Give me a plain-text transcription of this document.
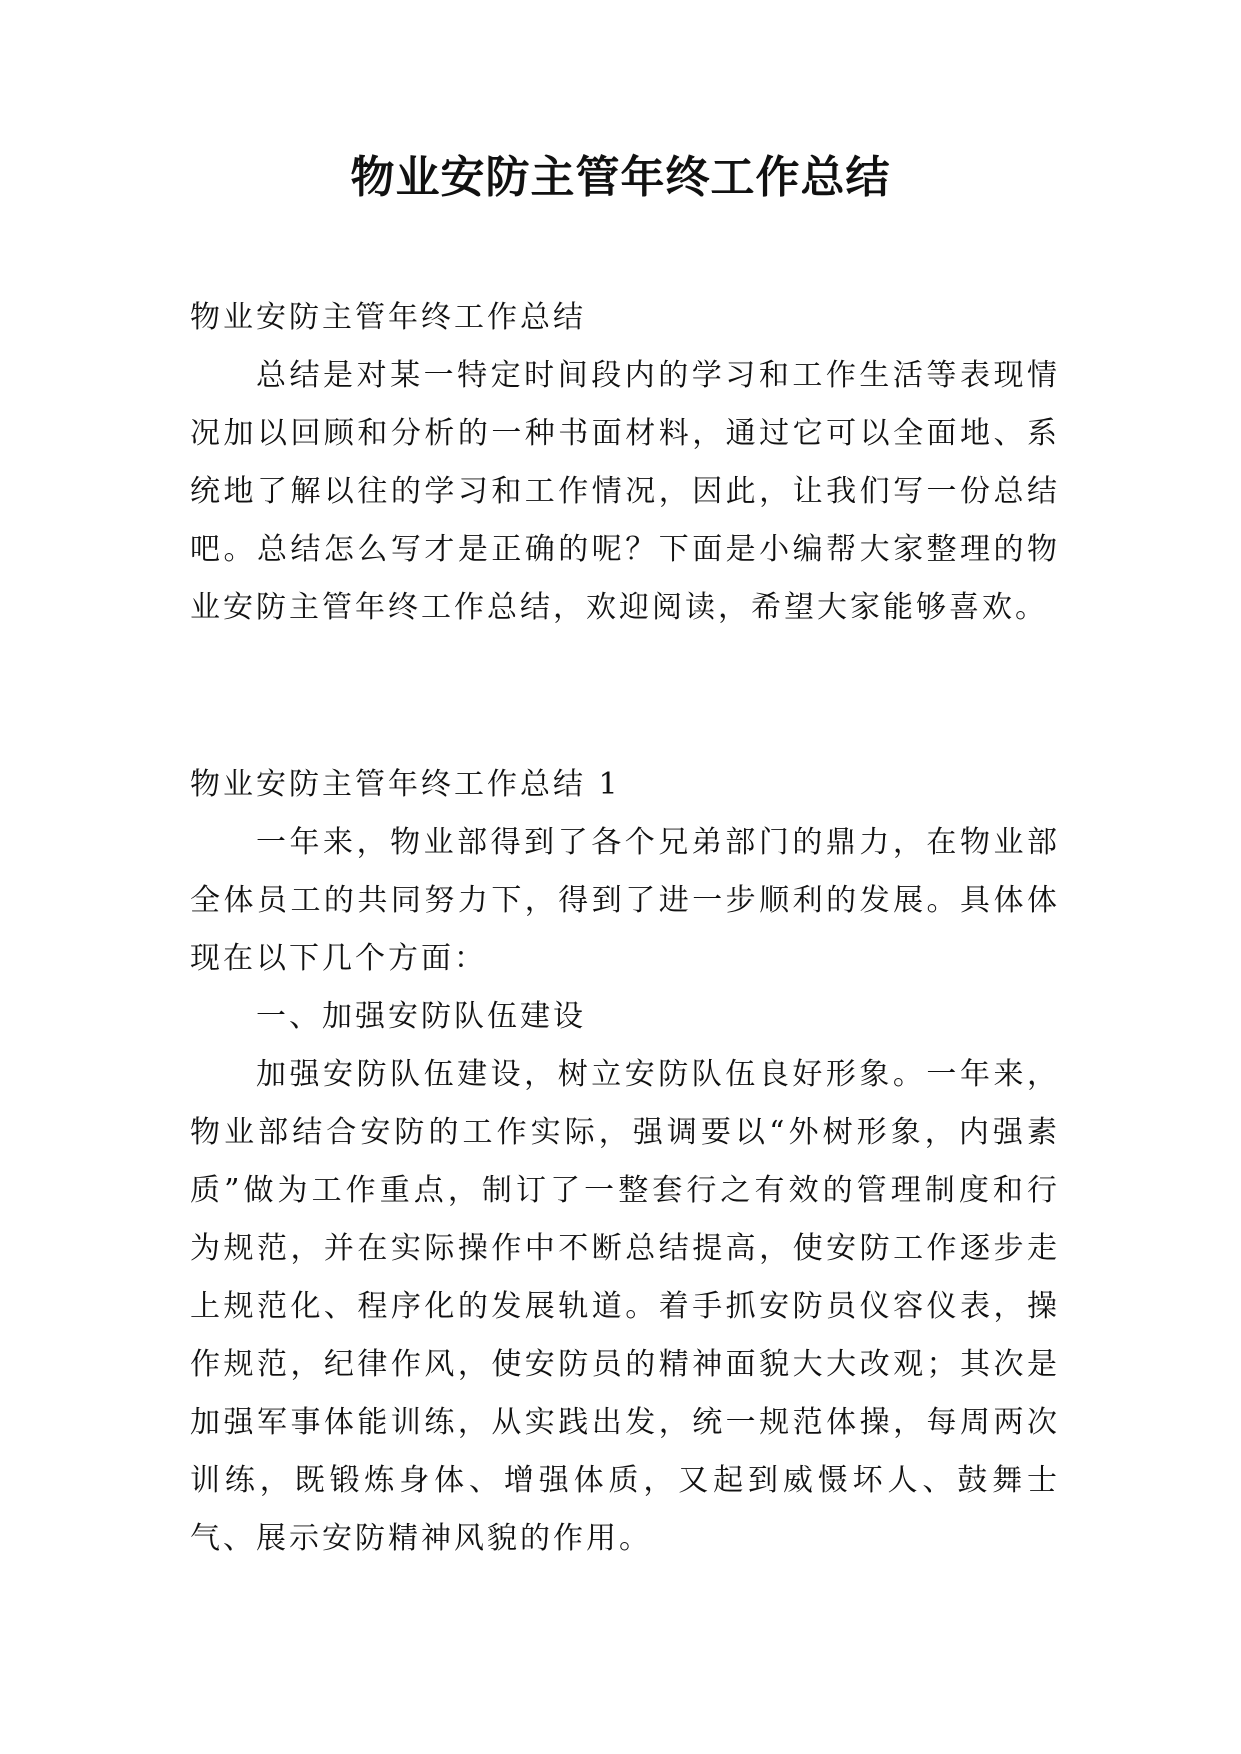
物业安防主管年终工作总结

物业安防主管年终工作总结

总结是对某一特定时间段内的学习和工作生活等表现情况加以回顾和分析的一种书面材料，通过它可以全面地、系统地了解以往的学习和工作情况，因此，让我们写一份总结吧。总结怎么写才是正确的呢？下面是小编帮大家整理的物业安防主管年终工作总结，欢迎阅读，希望大家能够喜欢。

物业安防主管年终工作总结 1

一年来，物业部得到了各个兄弟部门的鼎力，在物业部全体员工的共同努力下，得到了进一步顺利的发展。具体体现在以下几个方面：

一、加强安防队伍建设

加强安防队伍建设，树立安防队伍良好形象。一年来，物业部结合安防的工作实际，强调要以“外树形象，内强素质”做为工作重点，制订了一整套行之有效的管理制度和行为规范，并在实际操作中不断总结提高，使安防工作逐步走上规范化、程序化的发展轨道。着手抓安防员仪容仪表，操作规范，纪律作风，使安防员的精神面貌大大改观；其次是加强军事体能训练，从实践出发，统一规范体操，每周两次训练，既锻炼身体、增强体质，又起到威慑坏人、鼓舞士气、展示安防精神风貌的作用。
